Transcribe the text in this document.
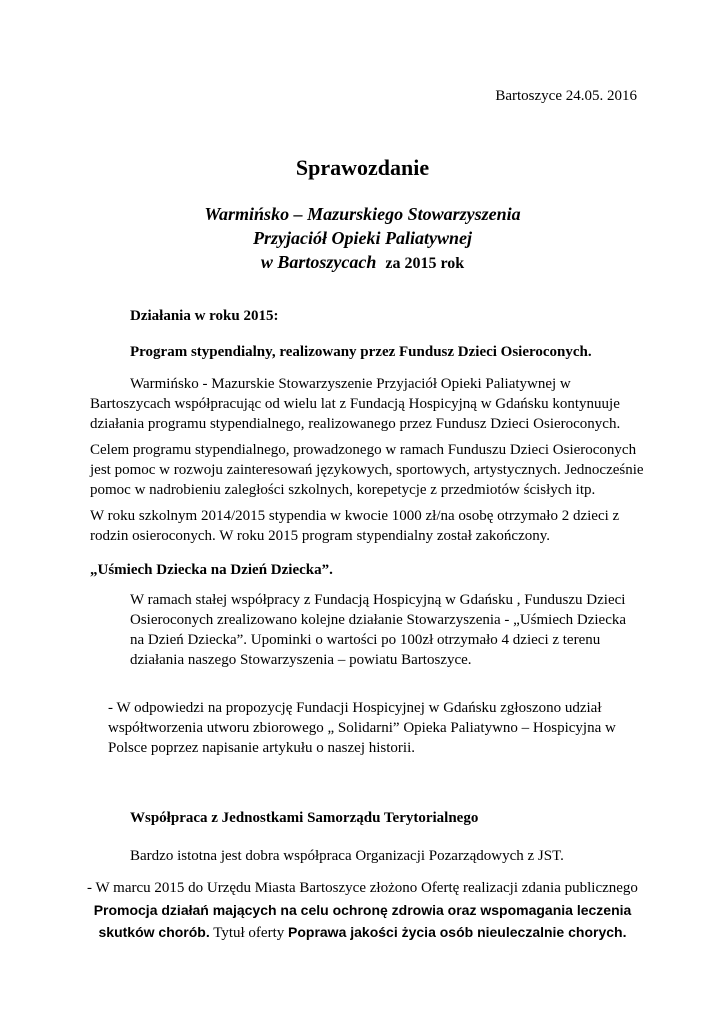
Bartoszyce 24.05. 2016
Sprawozdanie
Warmińsko – Mazurskiego Stowarzyszenia
Przyjaciół Opieki Paliatywnej
w Bartoszycach za 2015 rok
Działania w roku 2015:
Program stypendialny, realizowany przez Fundusz Dzieci Osieroconych.
Warmińsko - Mazurskie Stowarzyszenie Przyjaciół Opieki Paliatywnej w Bartoszycach współpracując od wielu lat z Fundacją Hospicyjną w Gdańsku kontynuuje działania programu stypendialnego, realizowanego przez Fundusz Dzieci Osieroconych.
Celem programu stypendialnego, prowadzonego w ramach Funduszu Dzieci Osieroconych jest pomoc w rozwoju zainteresowań językowych, sportowych, artystycznych. Jednocześnie pomoc w nadrobieniu zaległości szkolnych, korepetycje z przedmiotów ścisłych itp.
W roku szkolnym 2014/2015 stypendia w kwocie 1000 zł/na osobę otrzymało 2 dzieci z rodzin osieroconych. W roku 2015 program stypendialny został zakończony.
„Uśmiech Dziecka na Dzień Dziecka”.
W ramach stałej współpracy z Fundacją Hospicyjną w Gdańsku , Funduszu Dzieci Osieroconych zrealizowano kolejne działanie Stowarzyszenia - „Uśmiech Dziecka na Dzień Dziecka”. Upominki o wartości po 100zł otrzymało 4 dzieci z terenu działania naszego Stowarzyszenia – powiatu Bartoszyce.
- W odpowiedzi na propozycję Fundacji Hospicyjnej w Gdańsku zgłoszono udział współtworzenia utworu zbiorowego „ Solidarni” Opieka Paliatywno – Hospicyjna w Polsce poprzez napisanie artykułu o naszej historii.
Współpraca z Jednostkami Samorządu Terytorialnego
Bardzo istotna jest dobra współpraca Organizacji Pozarządowych z JST.
- W marcu 2015 do Urzędu Miasta Bartoszyce złożono Ofertę realizacji zdania publicznego
Promocja działań mających na celu ochronę zdrowia oraz wspomagania leczenia
skutków chorób. Tytuł oferty Poprawa jakości życia osób nieuleczalnie chorych.
